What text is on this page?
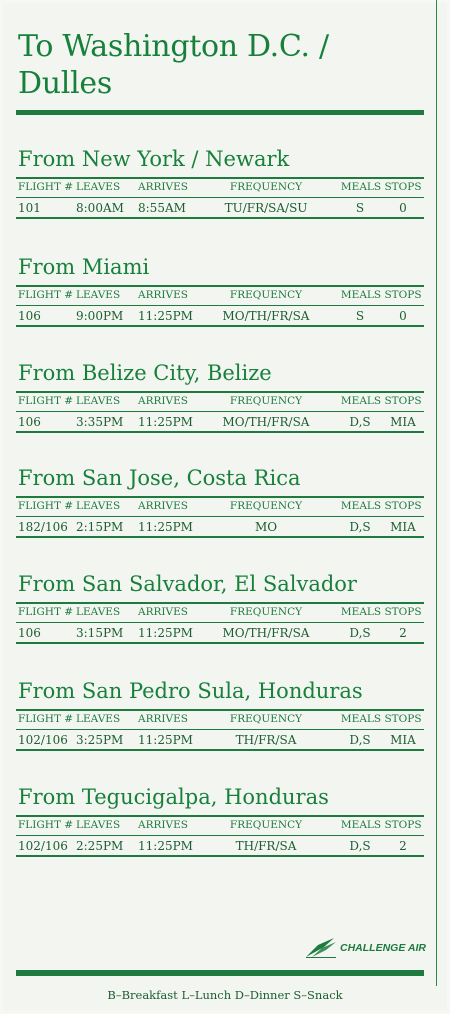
To Washington D.C. /
Dulles
From New York / Newark
FLIGHT # LEAVES ARRIVES	FREQUENCY	MEALS STOPS
101	8:00AM 8:55AM	TU/FR/SA/SU	S	0
From Miami
FLIGHT # LEAVES ARRIVES	FREQUENCY	MEALS STOPS
106	9:00PM 11:25PM	MO/TH/FR/SA	S	0
From Belize City, Belize
FLIGHT # LEAVES ARRIVES	FREQUENCY	MEALS STOPS
106	3:35PM 11:25PM	MO/TH/FR/SA	D,S	MIA
From San Jose, Costa Rica
FLIGHT # LEAVES ARRIVES	FREQUENCY	MEALS STOPS
182/106 2:15PM 11:25PM	MO	D,S	MIA
From San Salvador, El Salvador
FLIGHT # LEAVES ARRIVES	FREQUENCY	MEALS STOPS
106	3:15PM 11:25PM	MO/TH/FR/SA	D,S	2
From San Pedro Sula, Honduras
FLIGHT # LEAVES ARRIVES	FREQUENCY	MEALS STOPS
102/106 3:25PM 11:25PM	TH/FR/SA	D,S	MIA
From Tegucigalpa, Honduras
FLIGHT # LEAVES ARRIVES	FREQUENCY	MEALS STOPS
102/106 2:25PM 11:25PM	TH/FR/SA	D,S	2
CHALLENGE AIR
B–Breakfast L–Lunch D–Dinner S–Snack
